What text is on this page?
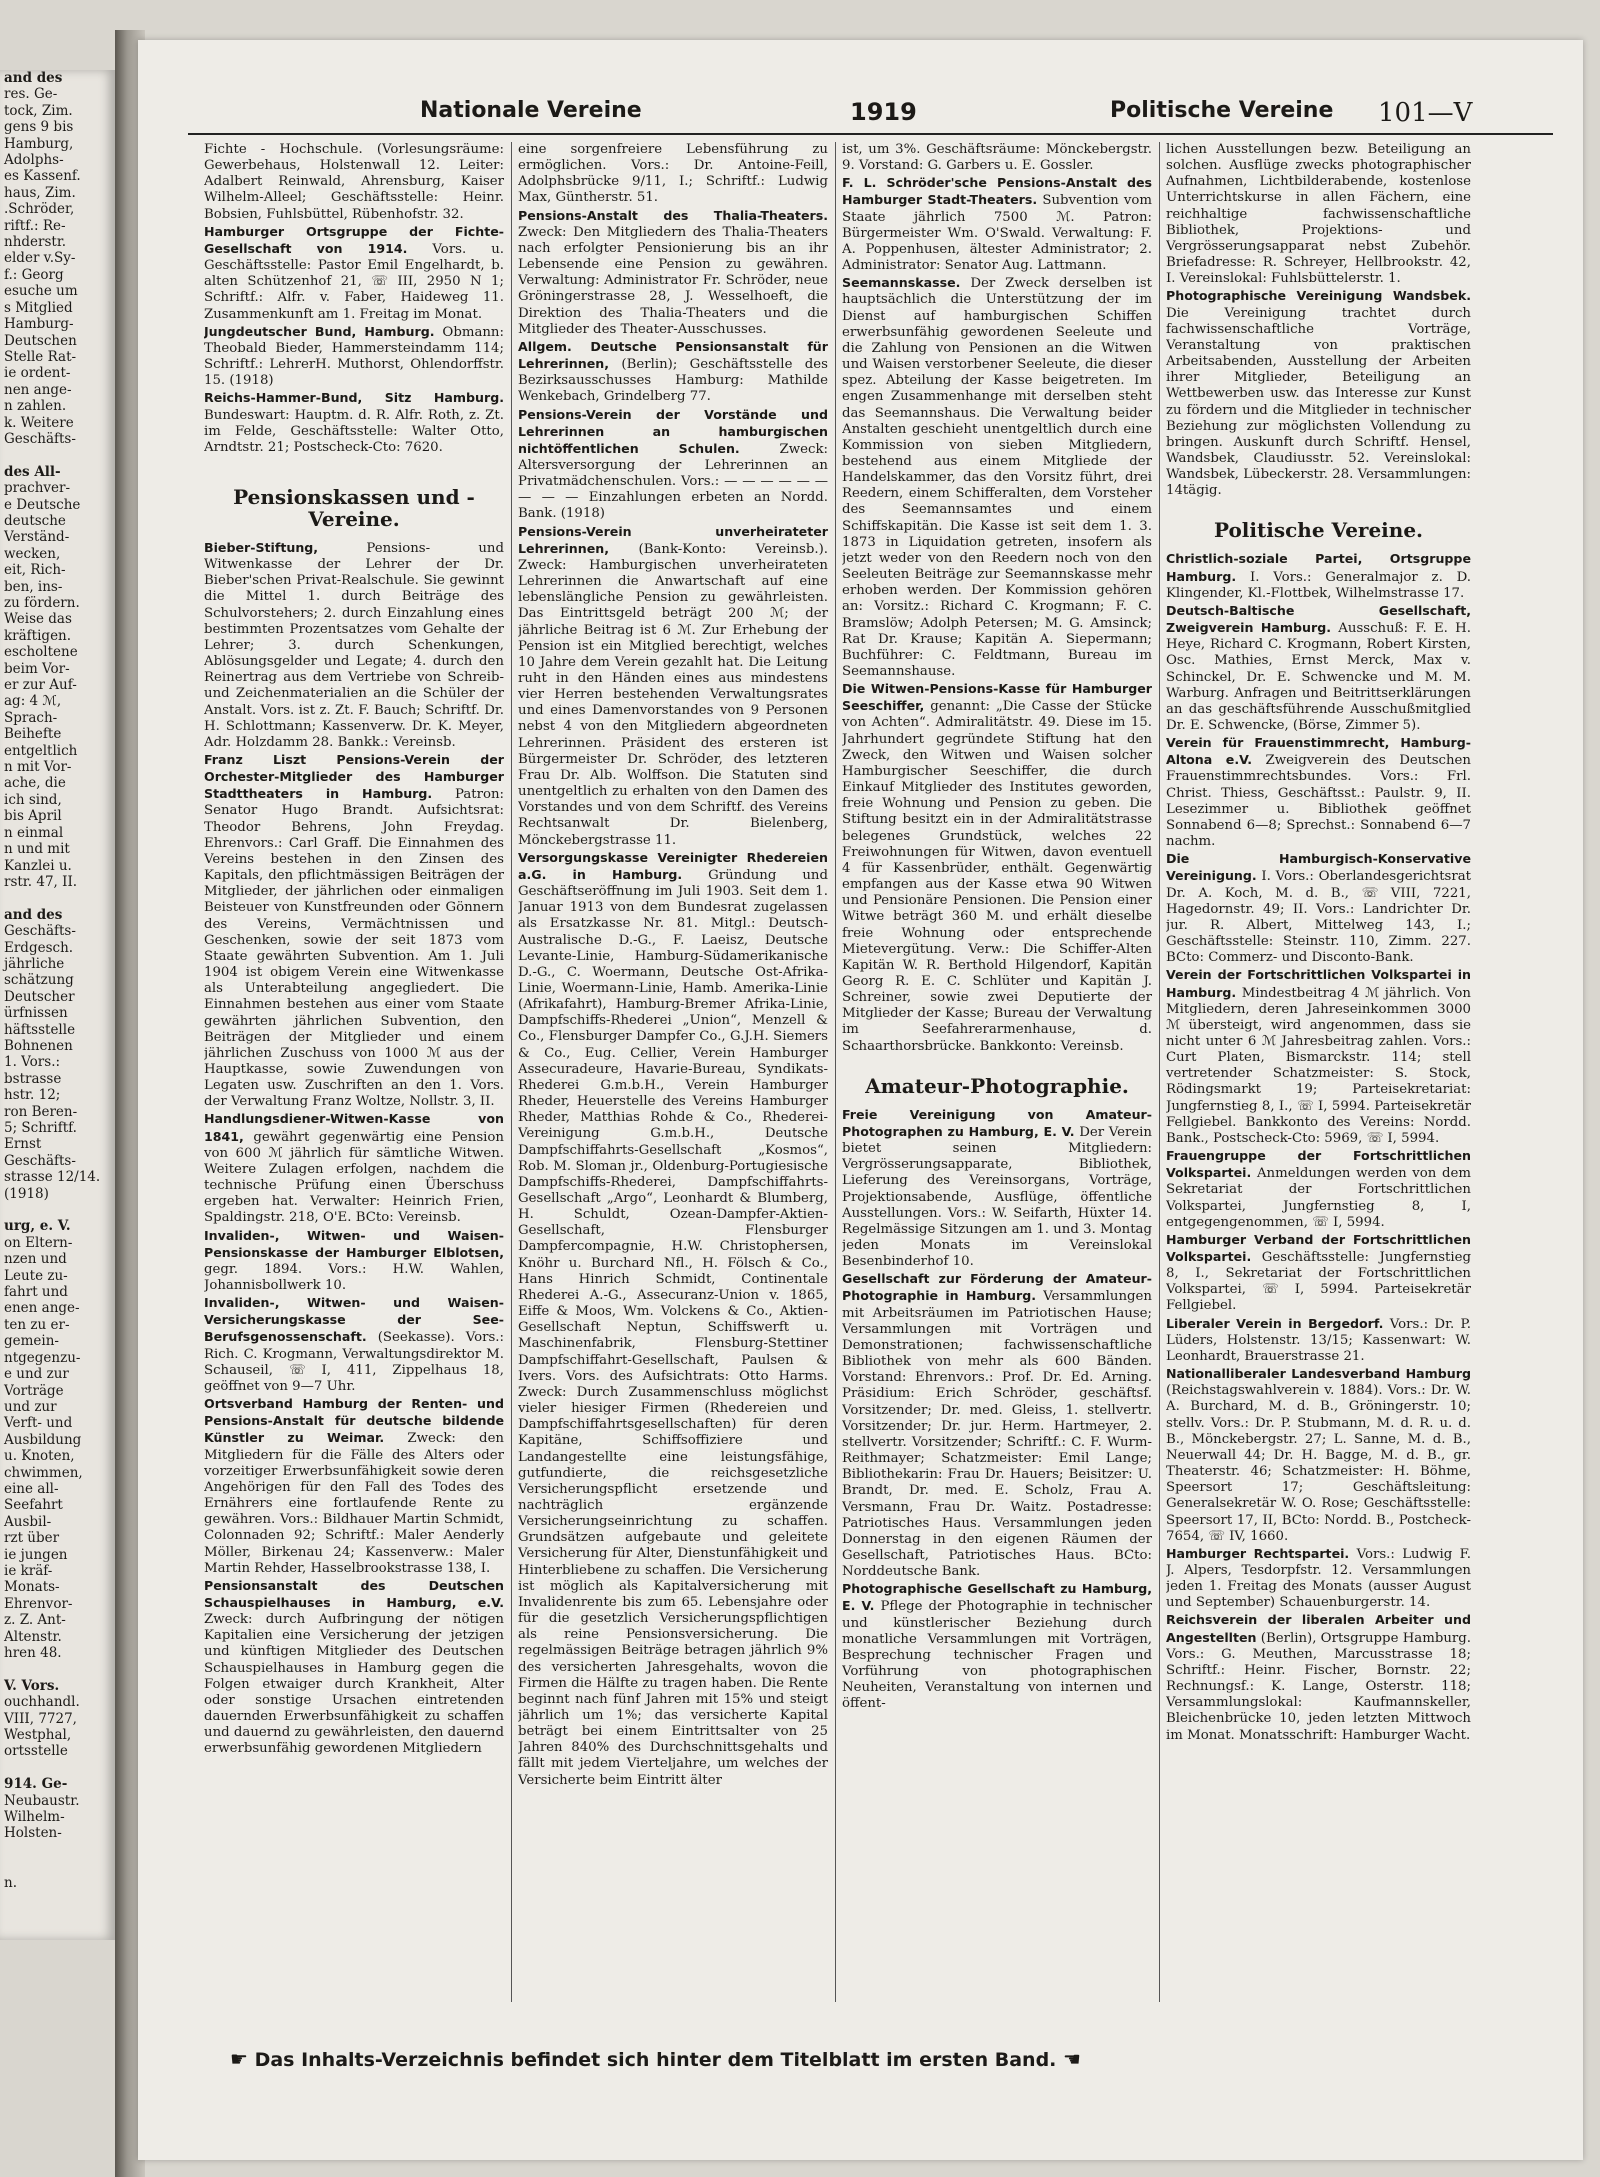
and des
res. Ge-
tock, Zim.
gens 9 bis
Hamburg,
Adolphs-
es Kassenf.
haus, Zim.
.Schröder,
riftf.: Re-
nhderstr.
elder v.Sy-
f.: Georg
esuche um
s Mitglied
Hamburg-
Deutschen
Stelle Rat-
ie ordent-
nen ange-
n zahlen.
k. Weitere
Geschäfts-

des All-
prachver-
e Deutsche
deutsche
Verständ-
wecken,
eit, Rich-
ben, ins-
zu fördern.
Weise das
kräftigen.
escholtene
beim Vor-
er zur Auf-
ag: 4 ℳ,
Sprach-
Beihefte
entgeltlich
n mit Vor-
ache, die
ich sind,
bis April
n einmal
n und mit
Kanzlei u.
rstr. 47, II.

and des
Geschäfts-
Erdgesch.
jährliche
schätzung
Deutscher
ürfnissen
häftsstelle
Bohnenen
1. Vors.:
bstrasse
hstr. 12;
ron Beren-
5; Schriftf.
Ernst
Geschäfts-
strasse 12/14.
(1918)

urg, e. V.
on Eltern-
nzen und
Leute zu-
fahrt und
enen ange-
ten zu er-
gemein-
ntgegenzu-
e und zur
Vorträge
und zur
Verft- und
Ausbildung
u. Knoten,
chwimmen,
eine all-
Seefahrt
Ausbil-
rzt über
ie jungen
ie kräf-
Monats-
Ehrenvor-
z. Z. Ant-
Altenstr.
hren 48.

V. Vors.
ouchhandl.
VIII, 7727,
Westphal,
ortsstelle

914. Ge-
Neubaustr.
Wilhelm-
Holsten-

n.
Nationale Vereine	1919	Politische Vereine 101—V

Fichte - Hochschule. (Vorlesungsräume: Gewerbehaus, Holstenwall 12. Leiter: Adalbert Reinwald, Ahrensburg, Kaiser Wilhelm-Alleel; Geschäftsstelle: Heinr. Bobsien, Fuhlsbüttel, Rübenhofstr. 32.

Hamburger Ortsgruppe der Fichte-Gesellschaft von 1914. Vors. u. Geschäftsstelle: Pastor Emil Engelhardt, b. alten Schützenhof 21, ☏ III, 2950 N 1; Schriftf.: Alfr. v. Faber, Haideweg 11. Zusammenkunft am 1. Freitag im Monat.

Jungdeutscher Bund, Hamburg. Obmann: Theobald Bieder, Hammersteindamm 114; Schriftf.: LehrerH. Muthorst, Ohlendorffstr. 15. (1918)

Reichs-Hammer-Bund, Sitz Hamburg. Bundeswart: Hauptm. d. R. Alfr. Roth, z. Zt. im Felde, Geschäftsstelle: Walter Otto, Arndtstr. 21; Postscheck-Cto: 7620.

Pensionskassen und -Vereine.

Bieber-Stiftung, Pensions- und Witwenkasse der Lehrer der Dr. Bieber'schen Privat-Realschule. Sie gewinnt die Mittel 1. durch Beiträge des Schulvorstehers; 2. durch Einzahlung eines bestimmten Prozentsatzes vom Gehalte der Lehrer; 3. durch Schenkungen, Ablösungsgelder und Legate; 4. durch den Reinertrag aus dem Vertriebe von Schreib- und Zeichenmaterialien an die Schüler der Anstalt. Vors. ist z. Zt. F. Bauch; Schriftf. Dr. H. Schlottmann; Kassenverw. Dr. K. Meyer, Adr. Holzdamm 28. Bankk.: Vereinsb.

Franz Liszt Pensions-Verein der Orchester-Mitglieder des Hamburger Stadttheaters in Hamburg. Patron: Senator Hugo Brandt. Aufsichtsrat: Theodor Behrens, John Freydag. Ehrenvors.: Carl Graff. Die Einnahmen des Vereins bestehen in den Zinsen des Kapitals, den pflichtmässigen Beiträgen der Mitglieder, der jährlichen oder einmaligen Beisteuer von Kunstfreunden oder Gönnern des Vereins, Vermächtnissen und Geschenken, sowie der seit 1873 vom Staate gewährten Subvention. Am 1. Juli 1904 ist obigem Verein eine Witwenkasse als Unterabteilung angegliedert. Die Einnahmen bestehen aus einer vom Staate gewährten jährlichen Subvention, den Beiträgen der Mitglieder und einem jährlichen Zuschuss von 1000 ℳ aus der Hauptkasse, sowie Zuwendungen von Legaten usw. Zuschriften an den 1. Vors. der Verwaltung Franz Woltze, Nollstr. 3, II.

Handlungsdiener-Witwen-Kasse von 1841, gewährt gegenwärtig eine Pension von 600 ℳ jährlich für sämtliche Witwen. Weitere Zulagen erfolgen, nachdem die technische Prüfung einen Überschuss ergeben hat. Verwalter: Heinrich Frien, Spaldingstr. 218, O'E. BCto: Vereinsb.

Invaliden-, Witwen- und Waisen-Pensionskasse der Hamburger Elblotsen, gegr. 1894. Vors.: H.W. Wahlen, Johannisbollwerk 10.

Invaliden-, Witwen- und Waisen-Versicherungskasse der See-Berufsgenossenschaft. (Seekasse). Vors.: Rich. C. Krogmann, Verwaltungsdirektor M. Schauseil, ☏ I, 411, Zippelhaus 18, geöffnet von 9—7 Uhr.

Ortsverband Hamburg der Renten- und Pensions-Anstalt für deutsche bildende Künstler zu Weimar. Zweck: den Mitgliedern für die Fälle des Alters oder vorzeitiger Erwerbsunfähigkeit sowie deren Angehörigen für den Fall des Todes des Ernährers eine fortlaufende Rente zu gewähren. Vors.: Bildhauer Martin Schmidt, Colonnaden 92; Schriftf.: Maler Aenderly Möller, Birkenau 24; Kassenverw.: Maler Martin Rehder, Hasselbrookstrasse 138, I.

Pensionsanstalt des Deutschen Schauspielhauses in Hamburg, e.V. Zweck: durch Aufbringung der nötigen Kapitalien eine Versicherung der jetzigen und künftigen Mitglieder des Deutschen Schauspielhauses in Hamburg gegen die Folgen etwaiger durch Krankheit, Alter oder sonstige Ursachen eintretenden dauernden Erwerbsunfähigkeit zu schaffen und dauernd zu gewährleisten, den dauernd erwerbsunfähig gewordenen Mitgliedern

eine sorgenfreiere Lebensführung zu ermöglichen. Vors.: Dr. Antoine-Feill, Adolphsbrücke 9/11, I.; Schriftf.: Ludwig Max, Güntherstr. 51.

Pensions-Anstalt des Thalia-Theaters. Zweck: Den Mitgliedern des Thalia-Theaters nach erfolgter Pensionierung bis an ihr Lebensende eine Pension zu gewähren. Verwaltung: Administrator Fr. Schröder, neue Gröningerstrasse 28, J. Wesselhoeft, die Direktion des Thalia-Theaters und die Mitglieder des Theater-Ausschusses.

Allgem. Deutsche Pensionsanstalt für Lehrerinnen, (Berlin); Geschäftsstelle des Bezirksausschusses Hamburg: Mathilde Wenkebach, Grindelberg 77.

Pensions-Verein der Vorstände und Lehrerinnen an hamburgischen nichtöffentlichen Schulen. Zweck: Altersversorgung der Lehrerinnen an Privatmädchenschulen. Vors.: — — — — — — — — — Einzahlungen erbeten an Nordd. Bank. (1918)

Pensions-Verein unverheirateter Lehrerinnen, (Bank-Konto: Vereinsb.). Zweck: Hamburgischen unverheirateten Lehrerinnen die Anwartschaft auf eine lebenslängliche Pension zu gewährleisten. Das Eintrittsgeld beträgt 200 ℳ; der jährliche Beitrag ist 6 ℳ. Zur Erhebung der Pension ist ein Mitglied berechtigt, welches 10 Jahre dem Verein gezahlt hat. Die Leitung ruht in den Händen eines aus mindestens vier Herren bestehenden Verwaltungsrates und eines Damenvorstandes von 9 Personen nebst 4 von den Mitgliedern abgeordneten Lehrerinnen. Präsident des ersteren ist Bürgermeister Dr. Schröder, des letzteren Frau Dr. Alb. Wolffson. Die Statuten sind unentgeltlich zu erhalten von den Damen des Vorstandes und von dem Schriftf. des Vereins Rechtsanwalt Dr. Bielenberg, Mönckebergstrasse 11.

Versorgungskasse Vereinigter Rhedereien a.G. in Hamburg. Gründung und Geschäftseröffnung im Juli 1903. Seit dem 1. Januar 1913 von dem Bundesrat zugelassen als Ersatzkasse Nr. 81. Mitgl.: Deutsch-Australische D.-G., F. Laeisz, Deutsche Levante-Linie, Hamburg-Südamerikanische D.-G., C. Woermann, Deutsche Ost-Afrika-Linie, Woermann-Linie, Hamb. Amerika-Linie (Afrikafahrt), Hamburg-Bremer Afrika-Linie, Dampfschiffs-Rhederei „Union“, Menzell & Co., Flensburger Dampfer Co., G.J.H. Siemers & Co., Eug. Cellier, Verein Hamburger Assecuradeure, Havarie-Bureau, Syndikats-Rhederei G.m.b.H., Verein Hamburger Rheder, Heuerstelle des Vereins Hamburger Rheder, Matthias Rohde & Co., Rhederei-Vereinigung G.m.b.H., Deutsche Dampfschiffahrts-Gesellschaft „Kosmos“, Rob. M. Sloman jr., Oldenburg-Portugiesische Dampfschiffs-Rhederei, Dampfschiffahrts-Gesellschaft „Argo“, Leonhardt & Blumberg, H. Schuldt, Ozean-Dampfer-Aktien-Gesellschaft, Flensburger Dampfercompagnie, H.W. Christophersen, Knöhr u. Burchard Nfl., H. Fölsch & Co., Hans Hinrich Schmidt, Continentale Rhederei A.-G., Assecuranz-Union v. 1865, Eiffe & Moos, Wm. Volckens & Co., Aktien-Gesellschaft Neptun, Schiffswerft u. Maschinenfabrik, Flensburg-Stettiner Dampfschiffahrt-Gesellschaft, Paulsen & Ivers. Vors. des Aufsichtrats: Otto Harms. Zweck: Durch Zusammenschluss möglichst vieler hiesiger Firmen (Rhedereien und Dampfschiffahrtsgesellschaften) für deren Kapitäne, Schiffsoffiziere und Landangestellte eine leistungsfähige, gutfundierte, die reichsgesetzliche Versicherungspflicht ersetzende und nachträglich ergänzende Versicherungseinrichtung zu schaffen. Grundsätzen aufgebaute und geleitete Versicherung für Alter, Dienstunfähigkeit und Hinterbliebene zu schaffen. Die Versicherung ist möglich als Kapitalversicherung mit Invalidenrente bis zum 65. Lebensjahre oder für die gesetzlich Versicherungspflichtigen als reine Pensionsversicherung. Die regelmässigen Beiträge betragen jährlich 9% des versicherten Jahresgehalts, wovon die Firmen die Hälfte zu tragen haben. Die Rente beginnt nach fünf Jahren mit 15% und steigt jährlich um 1%; das versicherte Kapital beträgt bei einem Eintrittsalter von 25 Jahren 840% des Durchschnittsgehalts und fällt mit jedem Vierteljahre, um welches der Versicherte beim Eintritt älter

ist, um 3%. Geschäftsräume: Mönckebergstr. 9. Vorstand: G. Garbers u. E. Gossler.

F. L. Schröder'sche Pensions-Anstalt des Hamburger Stadt-Theaters. Subvention vom Staate jährlich 7500 ℳ. Patron: Bürgermeister Wm. O'Swald. Verwaltung: F. A. Poppenhusen, ältester Administrator; 2. Administrator: Senator Aug. Lattmann.

Seemannskasse. Der Zweck derselben ist hauptsächlich die Unterstützung der im Dienst auf hamburgischen Schiffen erwerbsunfähig gewordenen Seeleute und die Zahlung von Pensionen an die Witwen und Waisen verstorbener Seeleute, die dieser spez. Abteilung der Kasse beigetreten. Im engen Zusammenhange mit derselben steht das Seemannshaus. Die Verwaltung beider Anstalten geschieht unentgeltlich durch eine Kommission von sieben Mitgliedern, bestehend aus einem Mitgliede der Handelskammer, das den Vorsitz führt, drei Reedern, einem Schifferalten, dem Vorsteher des Seemannsamtes und einem Schiffskapitän. Die Kasse ist seit dem 1. 3. 1873 in Liquidation getreten, insofern als jetzt weder von den Reedern noch von den Seeleuten Beiträge zur Seemannskasse mehr erhoben werden. Der Kommission gehören an: Vorsitz.: Richard C. Krogmann; F. C. Bramslöw; Adolph Petersen; M. G. Amsinck; Rat Dr. Krause; Kapitän A. Siepermann; Buchführer: C. Feldtmann, Bureau im Seemannshause.

Die Witwen-Pensions-Kasse für Hamburger Seeschiffer, genannt: „Die Casse der Stücke von Achten“. Admiralitätstr. 49. Diese im 15. Jahrhundert gegründete Stiftung hat den Zweck, den Witwen und Waisen solcher Hamburgischer Seeschiffer, die durch Einkauf Mitglieder des Institutes geworden, freie Wohnung und Pension zu geben. Die Stiftung besitzt ein in der Admiralitätstrasse belegenes Grundstück, welches 22 Freiwohnungen für Witwen, davon eventuell 4 für Kassenbrüder, enthält. Gegenwärtig empfangen aus der Kasse etwa 90 Witwen und Pensionäre Pensionen. Die Pension einer Witwe beträgt 360 M. und erhält dieselbe freie Wohnung oder entsprechende Mietevergütung. Verw.: Die Schiffer-Alten Kapitän W. R. Berthold Hilgendorf, Kapitän Georg R. E. C. Schlüter und Kapitän J. Schreiner, sowie zwei Deputierte der Mitglieder der Kasse; Bureau der Verwaltung im Seefahrerarmenhause, d. Schaarthorsbrücke. Bankkonto: Vereinsb.

Amateur-Photographie.

Freie Vereinigung von Amateur-Photographen zu Hamburg, E. V. Der Verein bietet seinen Mitgliedern: Vergrösserungsapparate, Bibliothek, Lieferung des Vereinsorgans, Vorträge, Projektionsabende, Ausflüge, öffentliche Ausstellungen. Vors.: W. Seifarth, Hüxter 14. Regelmässige Sitzungen am 1. und 3. Montag jeden Monats im Vereinslokal Besenbinderhof 10.

Gesellschaft zur Förderung der Amateur-Photographie in Hamburg. Versammlungen mit Arbeitsräumen im Patriotischen Hause; Versammlungen mit Vorträgen und Demonstrationen; fachwissenschaftliche Bibliothek von mehr als 600 Bänden. Vorstand: Ehrenvors.: Prof. Dr. Ed. Arning. Präsidium: Erich Schröder, geschäftsf. Vorsitzender; Dr. med. Gleiss, 1. stellvertr. Vorsitzender; Dr. jur. Herm. Hartmeyer, 2. stellvertr. Vorsitzender; Schriftf.: C. F. Wurm-Reithmayer; Schatzmeister: Emil Lange; Bibliothekarin: Frau Dr. Hauers; Beisitzer: U. Brandt, Dr. med. E. Scholz, Frau A. Versmann, Frau Dr. Waitz. Postadresse: Patriotisches Haus. Versammlungen jeden Donnerstag in den eigenen Räumen der Gesellschaft, Patriotisches Haus. BCto: Norddeutsche Bank.

Photographische Gesellschaft zu Hamburg, E. V. Pflege der Photographie in technischer und künstlerischer Beziehung durch monatliche Versammlungen mit Vorträgen, Besprechung technischer Fragen und Vorführung von photographischen Neuheiten, Veranstaltung von internen und öffent-

lichen Ausstellungen bezw. Beteiligung an solchen. Ausflüge zwecks photographischer Aufnahmen, Lichtbilderabende, kostenlose Unterrichtskurse in allen Fächern, eine reichhaltige fachwissenschaftliche Bibliothek, Projektions- und Vergrösserungsapparat nebst Zubehör. Briefadresse: R. Schreyer, Hellbrookstr. 42, I. Vereinslokal: Fuhlsbüttelerstr. 1.

Photographische Vereinigung Wandsbek. Die Vereinigung trachtet durch fachwissenschaftliche Vorträge, Veranstaltung von praktischen Arbeitsabenden, Ausstellung der Arbeiten ihrer Mitglieder, Beteiligung an Wettbewerben usw. das Interesse zur Kunst zu fördern und die Mitglieder in technischer Beziehung zur möglichsten Vollendung zu bringen. Auskunft durch Schriftf. Hensel, Wandsbek, Claudiusstr. 52. Vereinslokal: Wandsbek, Lübeckerstr. 28. Versammlungen: 14tägig.

Politische Vereine.

Christlich-soziale Partei, Ortsgruppe Hamburg. I. Vors.: Generalmajor z. D. Klingender, Kl.-Flottbek, Wilhelmstrasse 17.

Deutsch-Baltische Gesellschaft, Zweigverein Hamburg. Ausschuß: F. E. H. Heye, Richard C. Krogmann, Robert Kirsten, Osc. Mathies, Ernst Merck, Max v. Schinckel, Dr. E. Schwencke und M. M. Warburg. Anfragen und Beitrittserklärungen an das geschäftsführende Ausschußmitglied Dr. E. Schwencke, (Börse, Zimmer 5).

Verein für Frauenstimmrecht, Hamburg-Altona e.V. Zweigverein des Deutschen Frauenstimmrechtsbundes. Vors.: Frl. Christ. Thiess, Geschäftsst.: Paulstr. 9, II. Lesezimmer u. Bibliothek geöffnet Sonnabend 6—8; Sprechst.: Sonnabend 6—7 nachm.

Die Hamburgisch-Konservative Vereinigung. I. Vors.: Oberlandesgerichtsrat Dr. A. Koch, M. d. B., ☏ VIII, 7221, Hagedornstr. 49; II. Vors.: Landrichter Dr. jur. R. Albert, Mittelweg 143, I.; Geschäftsstelle: Steinstr. 110, Zimm. 227. BCto: Commerz- und Disconto-Bank.

Verein der Fortschrittlichen Volkspartei in Hamburg. Mindestbeitrag 4 ℳ jährlich. Von Mitgliedern, deren Jahreseinkommen 3000 ℳ übersteigt, wird angenommen, dass sie nicht unter 6 ℳ Jahresbeitrag zahlen. Vors.: Curt Platen, Bismarckstr. 114; stell vertretender Schatzmeister: S. Stock, Rödingsmarkt 19; Parteisekretariat: Jungfernstieg 8, I., ☏ I, 5994. Parteisekretär Fellgiebel. Bankkonto des Vereins: Nordd. Bank., Postscheck-Cto: 5969, ☏ I, 5994.

Frauengruppe der Fortschrittlichen Volkspartei. Anmeldungen werden von dem Sekretariat der Fortschrittlichen Volkspartei, Jungfernstieg 8, I, entgegengenommen, ☏ I, 5994.

Hamburger Verband der Fortschrittlichen Volkspartei. Geschäftsstelle: Jungfernstieg 8, I., Sekretariat der Fortschrittlichen Volkspartei, ☏ I, 5994. Parteisekretär Fellgiebel.

Liberaler Verein in Bergedorf. Vors.: Dr. P. Lüders, Holstenstr. 13/15; Kassenwart: W. Leonhardt, Brauerstrasse 21.

Nationalliberaler Landesverband Hamburg (Reichstagswahlverein v. 1884). Vors.: Dr. W. A. Burchard, M. d. B., Gröningerstr. 10; stellv. Vors.: Dr. P. Stubmann, M. d. R. u. d. B., Mönckebergstr. 27; L. Sanne, M. d. B., Neuerwall 44; Dr. H. Bagge, M. d. B., gr. Theaterstr. 46; Schatzmeister: H. Böhme, Speersort 17; Geschäftsleitung: Generalsekretär W. O. Rose; Geschäftsstelle: Speersort 17, II, BCto: Nordd. B., Postcheck-7654, ☏ IV, 1660.

Hamburger Rechtspartei. Vors.: Ludwig F. J. Alpers, Tesdorpfstr. 12. Versammlungen jeden 1. Freitag des Monats (ausser August und September) Schauenburgerstr. 14.

Reichsverein der liberalen Arbeiter und Angestellten (Berlin), Ortsgruppe Hamburg. Vors.: G. Meuthen, Marcusstrasse 18; Schriftf.: Heinr. Fischer, Bornstr. 22; Rechnungsf.: K. Lange, Osterstr. 118; Versammlungslokal: Kaufmannskeller, Bleichenbrücke 10, jeden letzten Mittwoch im Monat. Monatsschrift: Hamburger Wacht.

☛ Das Inhalts-Verzeichnis befindet sich hinter dem Titelblatt im ersten Band. ☚
